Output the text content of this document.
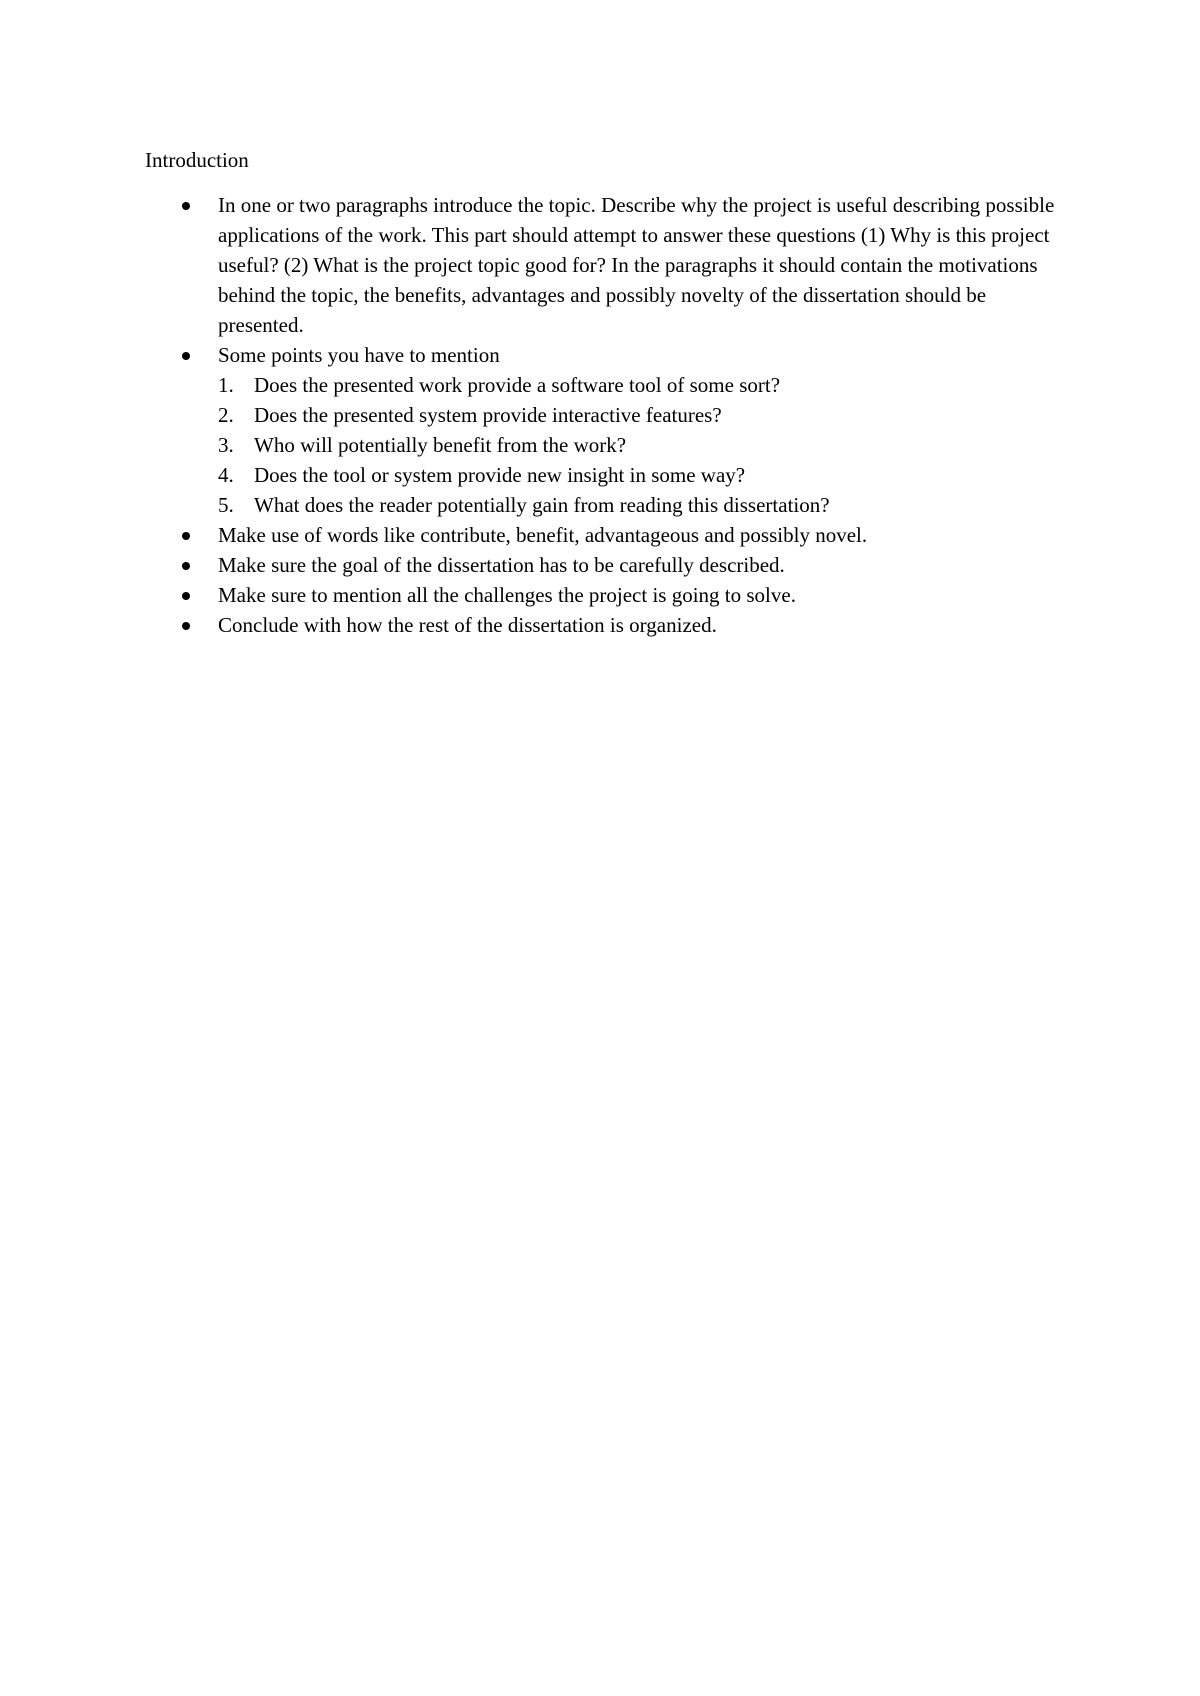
Introduction
In one or two paragraphs introduce the topic. Describe why the project is useful describing possible applications of the work. This part should attempt to answer these questions (1) Why is this project useful? (2) What is the project topic good for? In the paragraphs it should contain the motivations behind the topic, the benefits, advantages and possibly novelty of the dissertation should be presented.
Some points you have to mention
1. Does the presented work provide a software tool of some sort?
2. Does the presented system provide interactive features?
3. Who will potentially benefit from the work?
4. Does the tool or system provide new insight in some way?
5. What does the reader potentially gain from reading this dissertation?
Make use of words like contribute, benefit, advantageous and possibly novel.
Make sure the goal of the dissertation has to be carefully described.
Make sure to mention all the challenges the project is going to solve.
Conclude with how the rest of the dissertation is organized.
